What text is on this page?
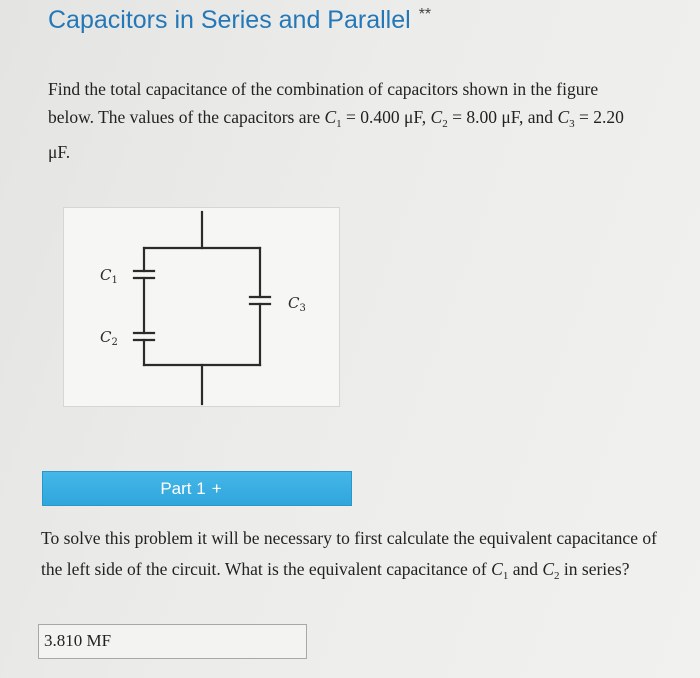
Capacitors in Series and Parallel **
Find the total capacitance of the combination of capacitors shown in the figure below. The values of the capacitors are $C_1 = 0.400$ μF, $C_2 = 8.00$ μF, and $C_3 = 2.20$ μF.
$C_1$
$C_2$
$C_3$
Part 1 +
To solve this problem it will be necessary to first calculate the equivalent capacitance of the left side of the circuit. What is the equivalent capacitance of $C_1$ and $C_2$ in series?
3.810 MF
